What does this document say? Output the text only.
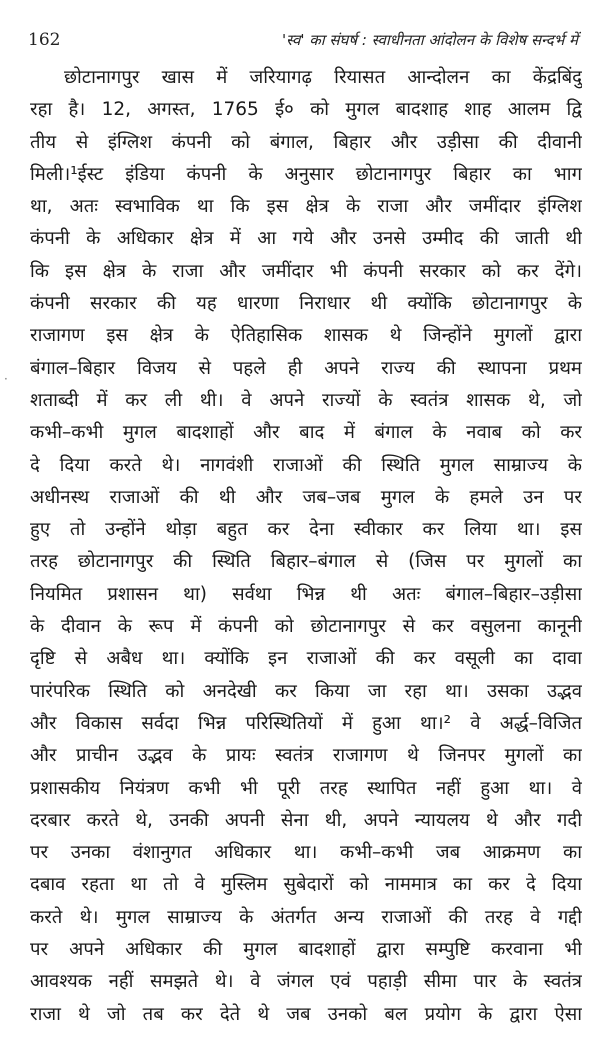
162	'स्व' का संघर्ष : स्वाधीनता आंदोलन के विशेष सन्दर्भ में
·
छोटानागपुर खास में जरियागढ़ रियासत आन्दोलन का केंद्रबिंदु
रहा है। 12, अगस्त, 1765 ई० को मुगल बादशाह शाह आलम द्वि
तीय से इंग्लिश कंपनी को बंगाल, बिहार और उड़ीसा की दीवानी
मिली।¹ईस्ट इंडिया कंपनी के अनुसार छोटानागपुर बिहार का भाग
था, अतः स्वभाविक था कि इस क्षेत्र के राजा और जमींदार इंग्लिश
कंपनी के अधिकार क्षेत्र में आ गये और उनसे उम्मीद की जाती थी
कि इस क्षेत्र के राजा और जमींदार भी कंपनी सरकार को कर देंगे।
कंपनी सरकार की यह धारणा निराधार थी क्योंकि छोटानागपुर के
राजागण इस क्षेत्र के ऐतिहासिक शासक थे जिन्होंने मुगलों द्वारा
बंगाल–बिहार विजय से पहले ही अपने राज्य की स्थापना प्रथम
शताब्दी में कर ली थी। वे अपने राज्यों के स्वतंत्र शासक थे, जो
कभी–कभी मुगल बादशाहों और बाद में बंगाल के नवाब को कर
दे दिया करते थे। नागवंशी राजाओं की स्थिति मुगल साम्राज्य के
अधीनस्थ राजाओं की थी और जब–जब मुगल के हमले उन पर
हुए तो उन्होंने थोड़ा बहुत कर देना स्वीकार कर लिया था। इस
तरह छोटानागपुर की स्थिति बिहार–बंगाल से (जिस पर मुगलों का
नियमित प्रशासन था) सर्वथा भिन्न थी अतः बंगाल–बिहार–उड़ीसा
के दीवान के रूप में कंपनी को छोटानागपुर से कर वसुलना कानूनी
दृष्टि से अबैध था। क्योंकि इन राजाओं की कर वसूली का दावा
पारंपरिक स्थिति को अनदेखी कर किया जा रहा था। उसका उद्भव
और विकास सर्वदा भिन्न परिस्थितियों में हुआ था।² वे अर्द्ध–विजित
और प्राचीन उद्भव के प्रायः स्वतंत्र राजागण थे जिनपर मुगलों का
प्रशासकीय नियंत्रण कभी भी पूरी तरह स्थापित नहीं हुआ था। वे
दरबार करते थे, उनकी अपनी सेना थी, अपने न्यायलय थे और गदी
पर उनका वंशानुगत अधिकार था। कभी–कभी जब आक्रमण का
दबाव रहता था तो वे मुस्लिम सुबेदारों को नाममात्र का कर दे दिया
करते थे। मुगल साम्राज्य के अंतर्गत अन्य राजाओं की तरह वे गद्दी
पर अपने अधिकार की मुगल बादशाहों द्वारा सम्पुष्टि करवाना भी
आवश्यक नहीं समझते थे। वे जंगल एवं पहाड़ी सीमा पार के स्वतंत्र
राजा थे जो तब कर देते थे जब उनको बल प्रयोग के द्वारा ऐसा
